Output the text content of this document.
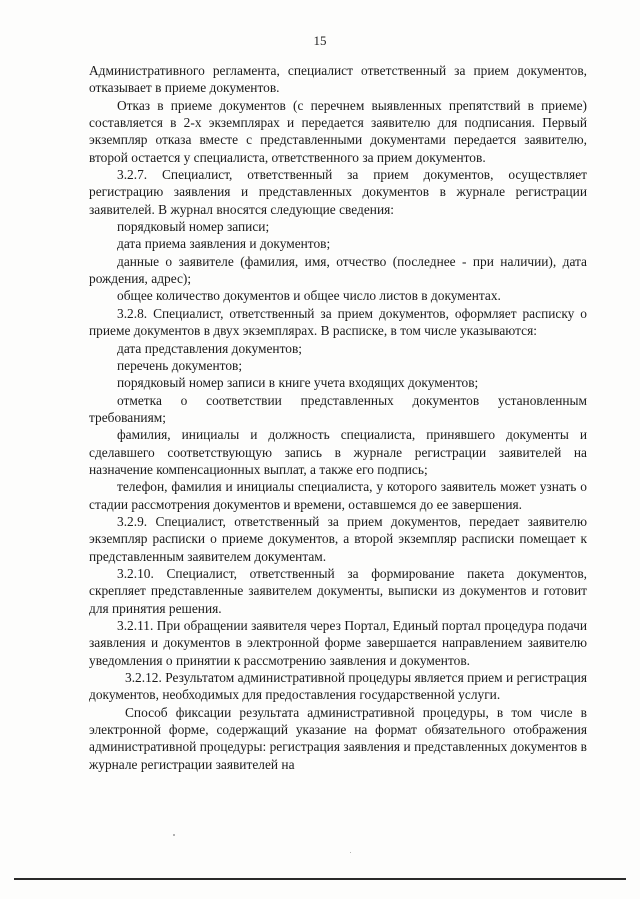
15

Административного регламента, специалист ответственный за прием документов, отказывает в приеме документов.

Отказ в приеме документов (с перечнем выявленных препятствий в приеме) составляется в 2-х экземплярах и передается заявителю для подписания. Первый экземпляр отказа вместе с представленными документами передается заявителю, второй остается у специалиста, ответственного за прием документов.

3.2.7. Специалист, ответственный за прием документов, осуществляет регистрацию заявления и представленных документов в журнале регистрации заявителей. В журнал вносятся следующие сведения:

порядковый номер записи;

дата приема заявления и документов;

данные о заявителе (фамилия, имя, отчество (последнее - при наличии), дата рождения, адрес);

общее количество документов и общее число листов в документах.

3.2.8. Специалист, ответственный за прием документов, оформляет расписку о приеме документов в двух экземплярах. В расписке, в том числе указываются:

дата представления документов;

перечень документов;

порядковый номер записи в книге учета входящих документов;

отметка о соответствии представленных документов установленным требованиям;

фамилия, инициалы и должность специалиста, принявшего документы и сделавшего соответствующую запись в журнале регистрации заявителей на назначение компенсационных выплат, а также его подпись;

телефон, фамилия и инициалы специалиста, у которого заявитель может узнать о стадии рассмотрения документов и времени, оставшемся до ее завершения.

3.2.9. Специалист, ответственный за прием документов, передает заявителю экземпляр расписки о приеме документов, а второй экземпляр расписки помещает к представленным заявителем документам.

3.2.10. Специалист, ответственный за формирование пакета документов, скрепляет представленные заявителем документы, выписки из документов и готовит для принятия решения.

3.2.11. При обращении заявителя через Портал, Единый портал процедура подачи заявления и документов в электронной форме завершается направлением заявителю уведомления о принятии к рассмотрению заявления и документов.

3.2.12. Результатом административной процедуры является прием и регистрация документов, необходимых для предоставления государственной услуги.

Способ фиксации результата административной процедуры, в том числе в электронной форме, содержащий указание на формат обязательного отображения административной процедуры: регистрация заявления и представленных документов в журнале регистрации заявителей на
